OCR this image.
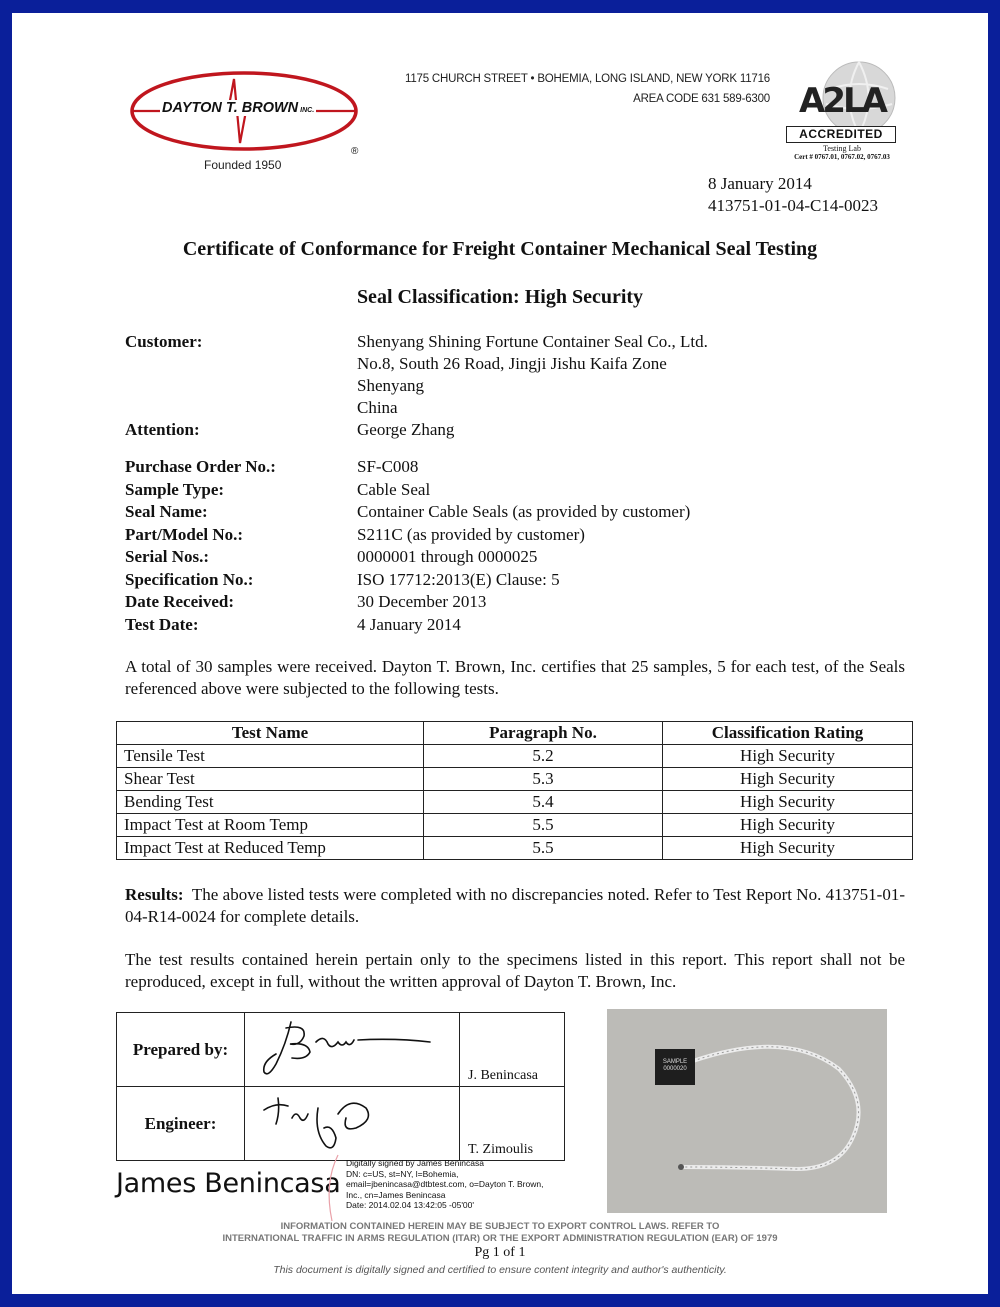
DAYTON T. BROWN INC.
®
Founded 1950
1175 CHURCH STREET • BOHEMIA, LONG ISLAND, NEW YORK 11716
AREA CODE 631 589-6300 A2LA
ACCREDITED
Testing Lab
Cert # 0767.01, 0767.02, 0767.03
8 January 2014
413751-01-04-C14-0023
Certificate of Conformance for Freight Container Mechanical Seal Testing
Seal Classification: High Security
Customer:	Shenyang Shining Fortune Container Seal Co., Ltd.
No.8, South 26 Road, Jingji Jishu Kaifa Zone
Shenyang
China
Attention:	George Zhang
Purchase Order No.:	SF-C008
Sample Type:	Cable Seal
Seal Name:	Container Cable Seals (as provided by customer)
Part/Model No.:	S211C (as provided by customer)
Serial Nos.:	0000001 through 0000025
Specification No.:	ISO 17712:2013(E) Clause: 5
Date Received:	30 December 2013
Test Date:	4 January 2014
A total of 30 samples were received. Dayton T. Brown, Inc. certifies that 25 samples, 5 for each test, of the Seals referenced above were subjected to the following tests.
Test Name	Paragraph No.	Classification Rating
Tensile Test	5.2	High Security
Shear Test	5.3	High Security
Bending Test	5.4	High Security
Impact Test at Room Temp	5.5	High Security
Impact Test at Reduced Temp	5.5	High Security
Results: The above listed tests were completed with no discrepancies noted. Refer to Test Report No. 413751-01-04-R14-0024 for complete details.
The test results contained herein pertain only to the specimens listed in this report. This report shall not be reproduced, except in full, without the written approval of Dayton T. Brown, Inc.
Prepared by:		J. Benincasa
Engineer:		T. Zimoulis
James Benincasa
Digitally signed by James Benincasa
DN: c=US, st=NY, l=Bohemia,
email=jbenincasa@dtbtest.com, o=Dayton T. Brown,
Inc., cn=James Benincasa
Date: 2014.02.04 13:42:05 -05'00'
SAMPLE
0000020
INFORMATION CONTAINED HEREIN MAY BE SUBJECT TO EXPORT CONTROL LAWS. REFER TO
INTERNATIONAL TRAFFIC IN ARMS REGULATION (ITAR) OR THE EXPORT ADMINISTRATION REGULATION (EAR) OF 1979
Pg 1 of 1
This document is digitally signed and certified to ensure content integrity and author's authenticity.
